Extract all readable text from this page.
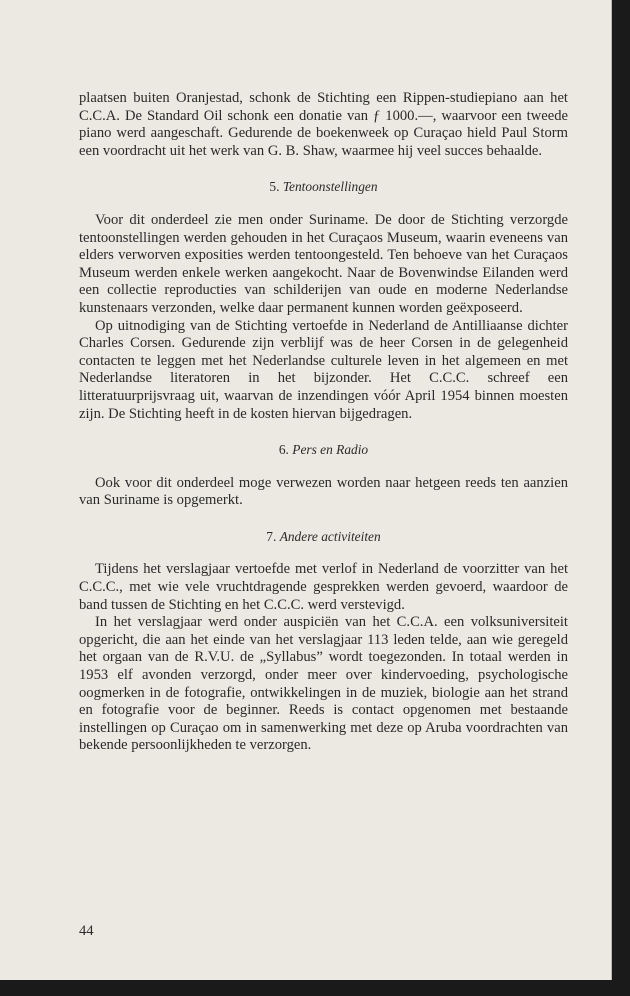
plaatsen buiten Oranjestad, schonk de Stichting een Rippen-studiepiano aan het C.C.A. De Standard Oil schonk een donatie van ƒ 1000.—, waarvoor een tweede piano werd aangeschaft. Gedurende de boekenweek op Curaçao hield Paul Storm een voordracht uit het werk van G. B. Shaw, waarmee hij veel succes behaalde.

5. Tentoonstellingen

Voor dit onderdeel zie men onder Suriname. De door de Stichting verzorgde tentoonstellingen werden gehouden in het Curaçaos Museum, waarin eveneens van elders verworven exposities werden tentoongesteld. Ten behoeve van het Curaçaos Museum werden enkele werken aangekocht. Naar de Bovenwindse Eilanden werd een collectie reproducties van schilderijen van oude en moderne Nederlandse kunstenaars verzonden, welke daar permanent kunnen worden geëxposeerd.

Op uitnodiging van de Stichting vertoefde in Nederland de Antilliaanse dichter Charles Corsen. Gedurende zijn verblijf was de heer Corsen in de gelegenheid contacten te leggen met het Nederlandse culturele leven in het algemeen en met Nederlandse literatoren in het bijzonder. Het C.C.C. schreef een litteratuurprijsvraag uit, waarvan de inzendingen vóór April 1954 binnen moesten zijn. De Stichting heeft in de kosten hiervan bijgedragen.

6. Pers en Radio

Ook voor dit onderdeel moge verwezen worden naar hetgeen reeds ten aanzien van Suriname is opgemerkt.

7. Andere activiteiten

Tijdens het verslagjaar vertoefde met verlof in Nederland de voorzitter van het C.C.C., met wie vele vruchtdragende gesprekken werden gevoerd, waardoor de band tussen de Stichting en het C.C.C. werd verstevigd.

In het verslagjaar werd onder auspiciën van het C.C.A. een volksuniversiteit opgericht, die aan het einde van het verslagjaar 113 leden telde, aan wie geregeld het orgaan van de R.V.U. de „Syllabus” wordt toegezonden. In totaal werden in 1953 elf avonden verzorgd, onder meer over kindervoeding, psychologische oogmerken in de fotografie, ontwikkelingen in de muziek, biologie aan het strand en fotografie voor de beginner. Reeds is contact opgenomen met bestaande instellingen op Curaçao om in samenwerking met deze op Aruba voordrachten van bekende persoonlijkheden te verzorgen.

44
